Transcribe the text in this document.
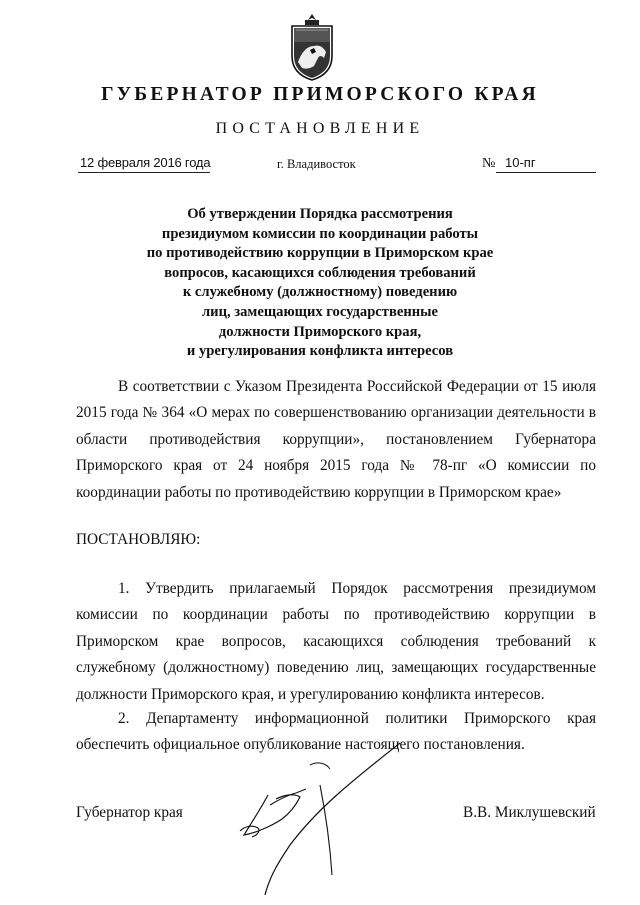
ГУБЕРНАТОР ПРИМОРСКОГО КРАЯ
ПОСТАНОВЛЕНИЕ
12 февраля 2016 года	г. Владивосток	№ 10-пг
Об утверждении Порядка рассмотрения
президиумом комиссии по координации работы
по противодействию коррупции в Приморском крае
вопросов, касающихся соблюдения требований
к служебному (должностному) поведению
лиц, замещающих государственные
должности Приморского края,
и урегулирования конфликта интересов
В соответствии с Указом Президента Российской Федерации от 15 июля 2015 года № 364 «О мерах по совершенствованию организации деятельности в области противодействия коррупции», постановлением Губернатора Приморского края от 24 ноября 2015 года № 78-пг «О комиссии по координации работы по противодействию коррупции в Приморском крае»
ПОСТАНОВЛЯЮ:
1. Утвердить прилагаемый Порядок рассмотрения президиумом комиссии по координации работы по противодействию коррупции в Приморском крае вопросов, касающихся соблюдения требований к служебному (должностному) поведению лиц, замещающих государственные должности Приморского края, и урегулированию конфликта интересов.
2. Департаменту информационной политики Приморского края обеспечить официальное опубликование настоящего постановления.
Губернатор края	В.В. Миклушевский
